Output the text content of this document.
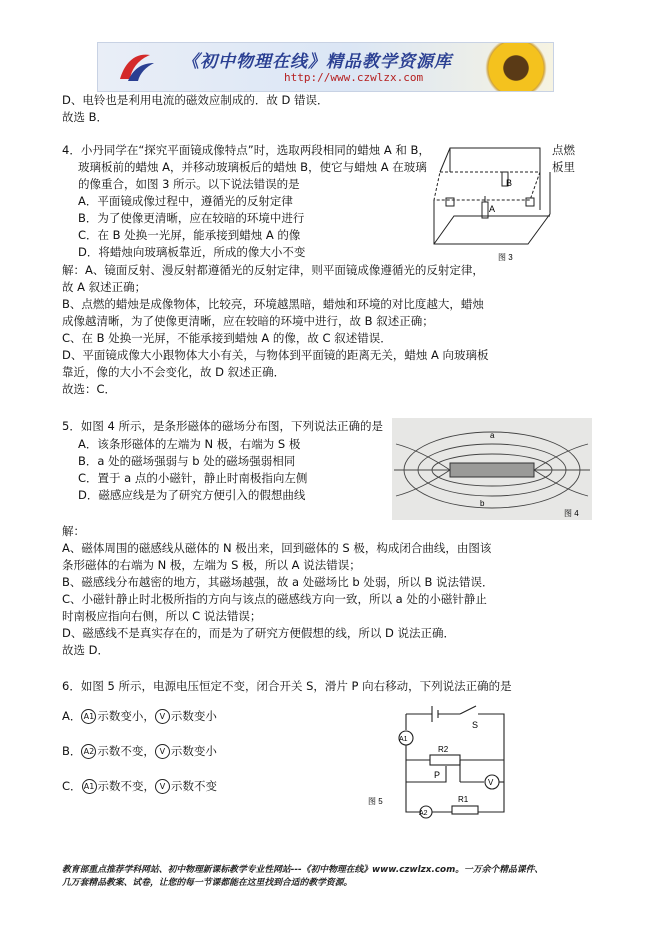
《初中物理在线》精品教学资源库
http://www.czwlzx.com
D、电铃也是利用电流的磁效应制成的．故 D 错误．
故选 B．
4．小丹同学在“探究平面镜成像特点”时，选取两段相同的蜡烛 A 和 B，
玻璃板前的蜡烛 A，并移动玻璃板后的蜡烛 B，使它与蜡烛 A 在玻璃
的像重合，如图 3 所示。以下说法错误的是
A．平面镜成像过程中，遵循光的反射定律
B．为了使像更清晰，应在较暗的环境中进行
C．在 B 处换一光屏，能承接到蜡烛 A 的像
D．将蜡烛向玻璃板靠近，所成的像大小不变
点燃
板里
B
A
图 3
解：A、镜面反射、漫反射都遵循光的反射定律，则平面镜成像遵循光的反射定律，
故 A 叙述正确；
B、点燃的蜡烛是成像物体，比较亮，环境越黑暗，蜡烛和环境的对比度越大，蜡烛
成像越清晰，为了使像更清晰，应在较暗的环境中进行，故 B 叙述正确；
C、在 B 处换一光屏，不能承接到蜡烛 A 的像，故 C 叙述错误．
D、平面镜成像大小跟物体大小有关，与物体到平面镜的距离无关，蜡烛 A 向玻璃板
靠近，像的大小不会变化，故 D 叙述正确．
故选：C．
5．如图 4 所示，是条形磁体的磁场分布图，下列说法正确的是
A．该条形磁体的左端为 N 极，右端为 S 极
B．a 处的磁场强弱与 b 处的磁场强弱相同
C．置于 a 点的小磁针，静止时南极指向左侧
D．磁感应线是为了研究方便引入的假想曲线
a
b
图 4
解：
A、磁体周围的磁感线从磁体的 N 极出来，回到磁体的 S 极，构成闭合曲线，由图该
条形磁体的右端为 N 极，左端为 S 极，所以 A 说法错误；
B、磁感线分布越密的地方，其磁场越强，故 a 处磁场比 b 处弱，所以 B 说法错误．
C、小磁针静止时北极所指的方向与该点的磁感线方向一致，所以 a 处的小磁针静止
时南极应指向右侧，所以 C 说法错误；
D、磁感线不是真实存在的，而是为了研究方便假想的线，所以 D 说法正确．
故选 D．
6．如图 5 所示，电源电压恒定不变，闭合开关 S，滑片 P 向右移动，下列说法正确的是
A． A1 示数变小， V 示数变小
B． A2 示数不变， V 示数变小
C． A1 示数不变， V 示数不变
S
A1
R2
P
V
A2
R1
图 5
教育部重点推荐学科网站、初中物理新课标教学专业性网站---《初中物理在线》www.czwlzx.com。一万余个精品课件、
几万套精品教案、试卷，让您的每一节课都能在这里找到合适的教学资源。
